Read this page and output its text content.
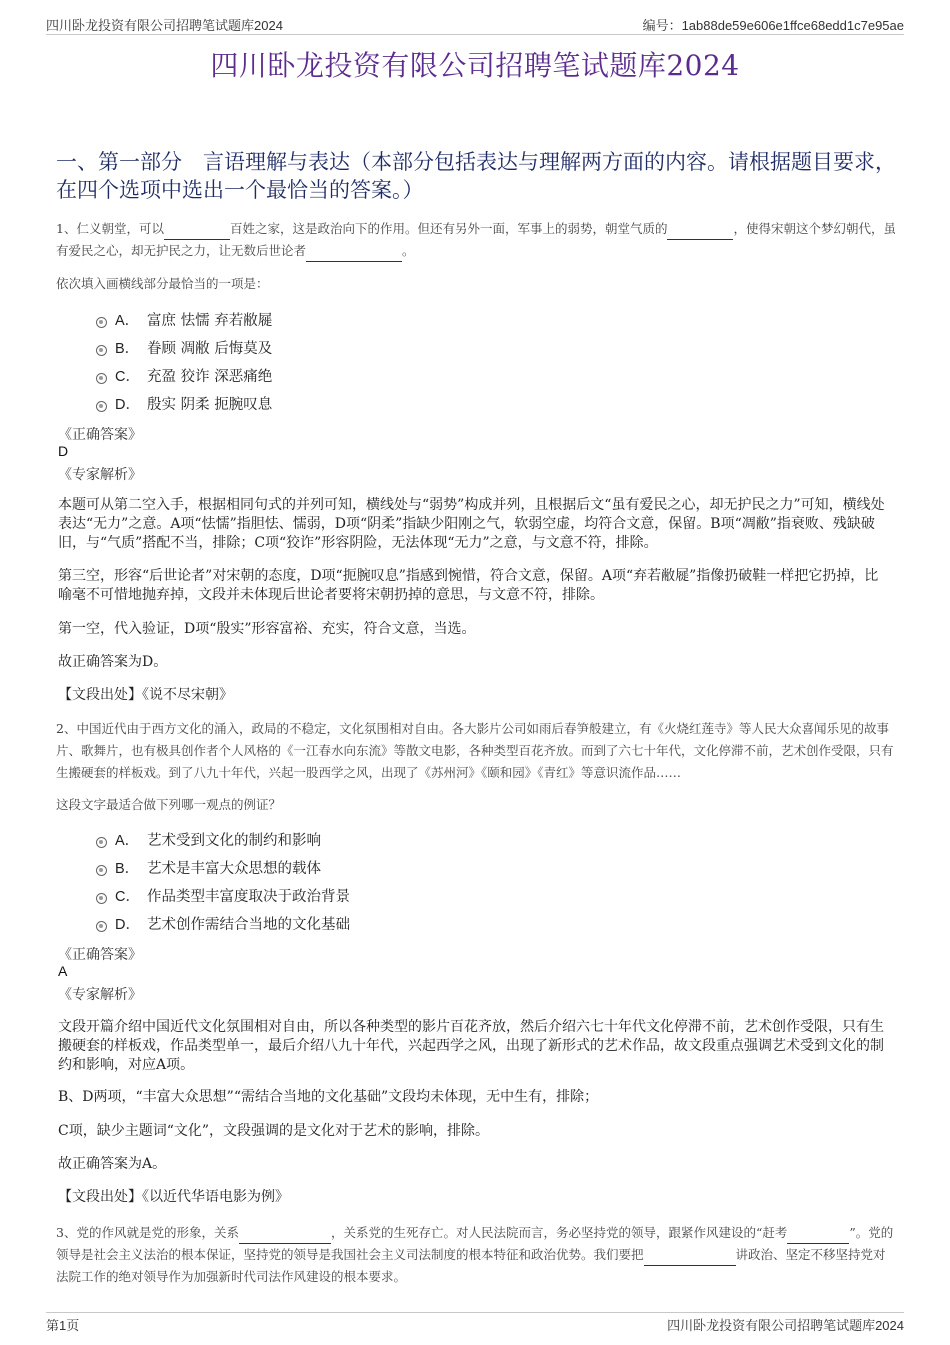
四川卧龙投资有限公司招聘笔试题库2024	编号：1ab88de59e606e1ffce68edd1c7e95ae
四川卧龙投资有限公司招聘笔试题库2024
一、第一部分　言语理解与表达（本部分包括表达与理解两方面的内容。请根据题目要求，在四个选项中选出一个最恰当的答案。）
1、仁义朝堂，可以	百姓之家，这是政治向下的作用。但还有另外一面，军事上的弱势，朝堂气质的	，使得宋朝这个梦幻朝代，虽有爱民之心，却无护民之力，让无数后世论者	。
依次填入画横线部分最恰当的一项是：
A． 富庶 怯懦 弃若敝屣
B． 眷顾 凋敝 后悔莫及
C． 充盈 狡诈 深恶痛绝
D． 殷实 阴柔 扼腕叹息
《正确答案》
D
《专家解析》
本题可从第二空入手，根据相同句式的并列可知，横线处与“弱势”构成并列，且根据后文“虽有爱民之心，却无护民之力”可知，横线处表达“无力”之意。A项“怯懦”指胆怯、懦弱，D项“阴柔”指缺少阳刚之气，软弱空虚，均符合文意，保留。B项“凋敝”指衰败、残缺破旧，与“气质”搭配不当，排除；C项“狡诈”形容阴险，无法体现“无力”之意，与文意不符，排除。
第三空，形容“后世论者”对宋朝的态度，D项“扼腕叹息”指感到惋惜，符合文意，保留。A项“弃若敝屣”指像扔破鞋一样把它扔掉，比喻毫不可惜地抛弃掉，文段并未体现后世论者要将宋朝扔掉的意思，与文意不符，排除。
第一空，代入验证，D项“殷实”形容富裕、充实，符合文意，当选。
故正确答案为D。
【文段出处】《说不尽宋朝》
2、中国近代由于西方文化的涌入，政局的不稳定，文化氛围相对自由。各大影片公司如雨后春笋般建立，有《火烧红莲寺》等人民大众喜闻乐见的故事片、歌舞片，也有极具创作者个人风格的《一江春水向东流》等散文电影，各种类型百花齐放。而到了六七十年代，文化停滞不前，艺术创作受限，只有生搬硬套的样板戏。到了八九十年代，兴起一股西学之风，出现了《苏州河》《颐和园》《青红》等意识流作品……
这段文字最适合做下列哪一观点的例证？
A． 艺术受到文化的制约和影响
B． 艺术是丰富大众思想的载体
C． 作品类型丰富度取决于政治背景
D． 艺术创作需结合当地的文化基础
《正确答案》
A
《专家解析》
文段开篇介绍中国近代文化氛围相对自由，所以各种类型的影片百花齐放，然后介绍六七十年代文化停滞不前，艺术创作受限，只有生搬硬套的样板戏，作品类型单一，最后介绍八九十年代，兴起西学之风，出现了新形式的艺术作品，故文段重点强调艺术受到文化的制约和影响，对应A项。
B、D两项，“丰富大众思想”“需结合当地的文化基础”文段均未体现，无中生有，排除；
C项，缺少主题词“文化”，文段强调的是文化对于艺术的影响，排除。
故正确答案为A。
【文段出处】《以近代华语电影为例》
3、党的作风就是党的形象，关系	，关系党的生死存亡。对人民法院而言，务必坚持党的领导，跟紧作风建设的“赶考	”。党的领导是社会主义法治的根本保证，坚持党的领导是我国社会主义司法制度的根本特征和政治优势。我们要把	讲政治、坚定不移坚持党对法院工作的绝对领导作为加强新时代司法作风建设的根本要求。
第1页	四川卧龙投资有限公司招聘笔试题库2024
